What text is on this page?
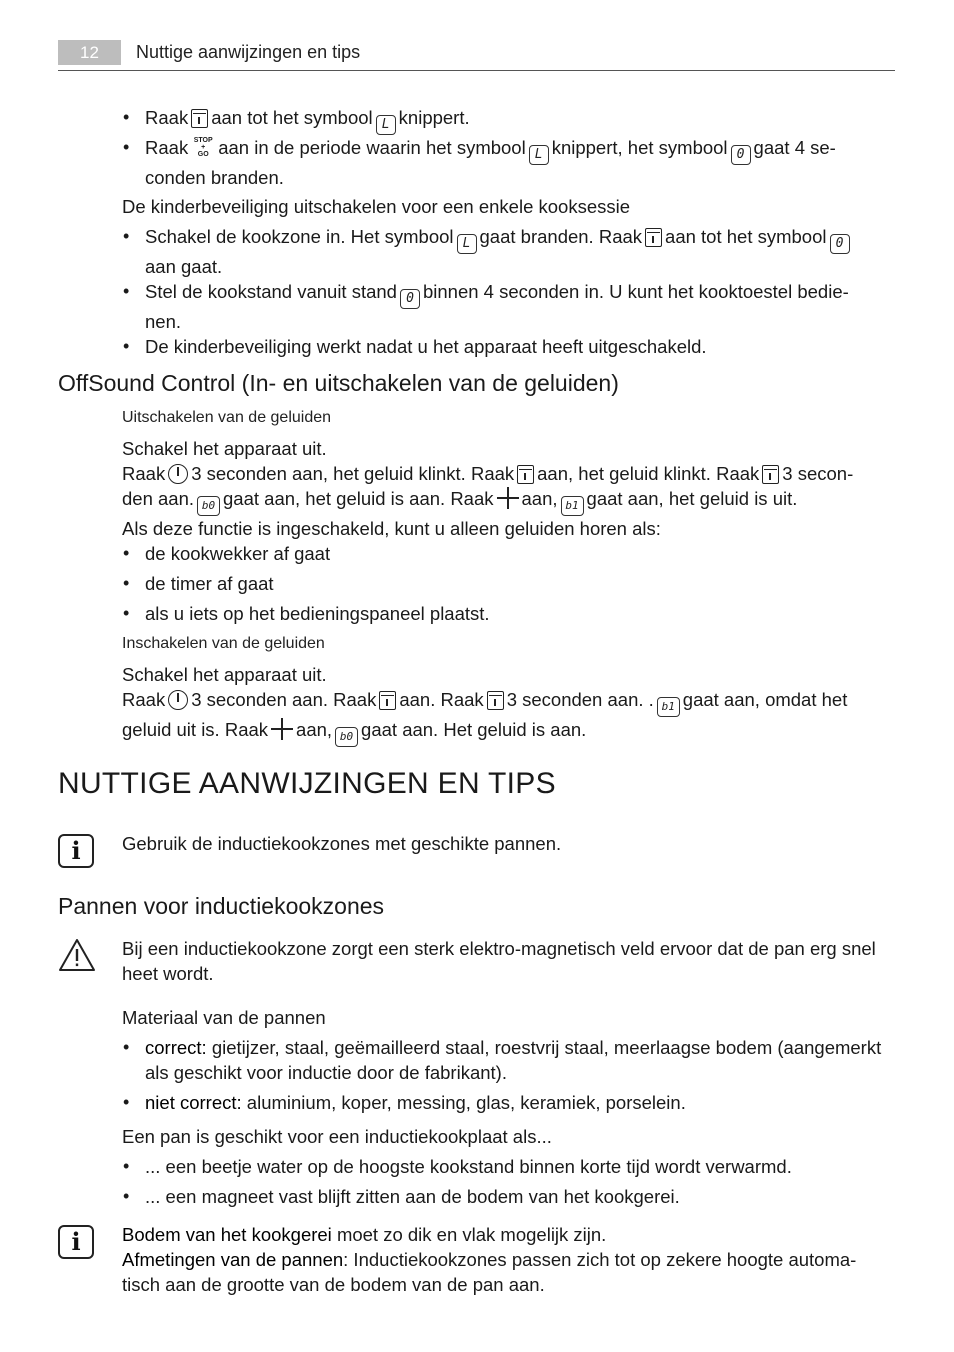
12	Nuttige aanwijzingen en tips
• Raak aan tot het symbool L knippert.
• Raak STOP
+
GO aan in de periode waarin het symbool L knippert, het symbool 0 gaat 4 se-
conden branden.
De kinderbeveiliging uitschakelen voor een enkele kooksessie
• Schakel de kookzone in. Het symbool L gaat branden. Raak aan tot het symbool 0
aan gaat.
• Stel de kookstand vanuit stand 0 binnen 4 seconden in. U kunt het kooktoestel bedie-
nen.
• De kinderbeveiliging werkt nadat u het apparaat heeft uitgeschakeld.
OffSound Control (In- en uitschakelen van de geluiden)
Uitschakelen van de geluiden
Schakel het apparaat uit.
Raak 3 seconden aan, het geluid klinkt. Raak aan, het geluid klinkt. Raak 3 secon-
den aan. b0 gaat aan, het geluid is aan. Raak aan, b1 gaat aan, het geluid is uit.
Als deze functie is ingeschakeld, kunt u alleen geluiden horen als:
• de kookwekker af gaat
• de timer af gaat
• als u iets op het bedieningspaneel plaatst.
Inschakelen van de geluiden
Schakel het apparaat uit.
Raak 3 seconden aan. Raak aan. Raak 3 seconden aan. . b1 gaat aan, omdat het
geluid uit is. Raak aan, b0 gaat aan. Het geluid is aan.
NUTTIGE AANWIJZINGEN EN TIPS
i	Gebruik de inductiekookzones met geschikte pannen.
Pannen voor inductiekookzones
Bij een inductiekookzone zorgt een sterk elektro-magnetisch veld ervoor dat de pan erg snel
heet wordt.
Materiaal van de pannen
• correct: gietijzer, staal, geëmailleerd staal, roestvrij staal, meerlaagse bodem (aangemerkt
als geschikt voor inductie door de fabrikant).
• niet correct: aluminium, koper, messing, glas, keramiek, porselein.
Een pan is geschikt voor een inductiekookplaat als...
• ... een beetje water op de hoogste kookstand binnen korte tijd wordt verwarmd.
• ... een magneet vast blijft zitten aan de bodem van het kookgerei.
i	Bodem van het kookgerei moet zo dik en vlak mogelijk zijn.
Afmetingen van de pannen: Inductiekookzones passen zich tot op zekere hoogte automa-
tisch aan de grootte van de bodem van de pan aan.
